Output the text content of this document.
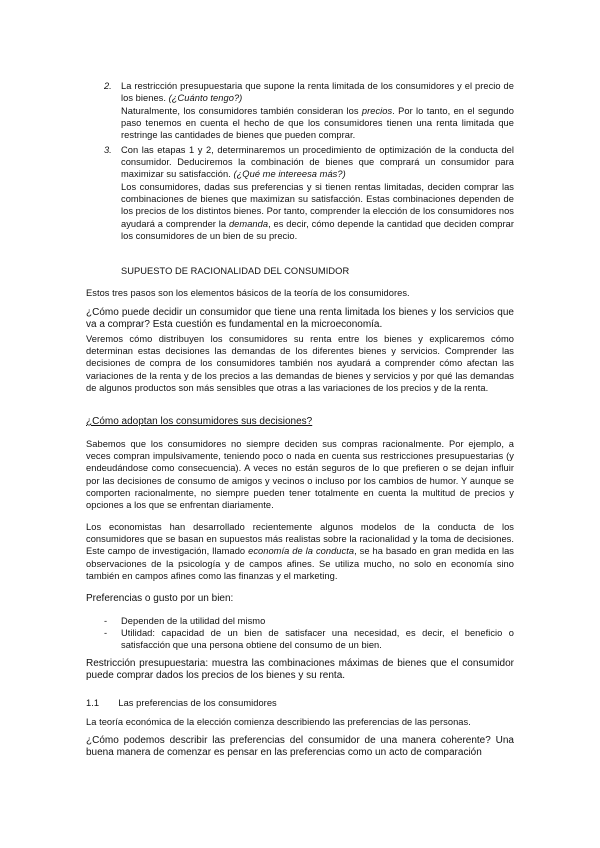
2. La restricción presupuestaria que supone la renta limitada de los consumidores y el precio de los bienes. (¿Cuánto tengo?)
Naturalmente, los consumidores también consideran los precios. Por lo tanto, en el segundo paso tenemos en cuenta el hecho de que los consumidores tienen una renta limitada que restringe las cantidades de bienes que pueden comprar.
3. Con las etapas 1 y 2, determinaremos un procedimiento de optimización de la conducta del consumidor. Deduciremos la combinación de bienes que comprará un consumidor para maximizar su satisfacción. (¿Qué me intereesa más?)
Los consumidores, dadas sus preferencias y si tienen rentas limitadas, deciden comprar las combinaciones de bienes que maximizan su satisfacción. Estas combinaciones dependen de los precios de los distintos bienes. Por tanto, comprender la elección de los consumidores nos ayudará a comprender la demanda, es decir, cómo depende la cantidad que deciden comprar los consumidores de un bien de su precio.
SUPUESTO DE RACIONALIDAD DEL CONSUMIDOR
Estos tres pasos son los elementos básicos de la teoría de los consumidores.
¿Cómo puede decidir un consumidor que tiene una renta limitada los bienes y los servicios que va a comprar? Esta cuestión es fundamental en la microeconomía.
Veremos cómo distribuyen los consumidores su renta entre los bienes y explicaremos cómo determinan estas decisiones las demandas de los diferentes bienes y servicios. Comprender las decisiones de compra de los consumidores también nos ayudará a comprender cómo afectan las variaciones de la renta y de los precios a las demandas de bienes y servicios y por qué las demandas de algunos productos son más sensibles que otras a las variaciones de los precios y de la renta.
¿Cómo adoptan los consumidores sus decisiones?
Sabemos que los consumidores no siempre deciden sus compras racionalmente. Por ejemplo, a veces compran impulsivamente, teniendo poco o nada en cuenta sus restricciones presupuestarias (y endeudándose como consecuencia). A veces no están seguros de lo que prefieren o se dejan influir por las decisiones de consumo de amigos y vecinos o incluso por los cambios de humor. Y aunque se comporten racionalmente, no siempre pueden tener totalmente en cuenta la multitud de precios y opciones a los que se enfrentan diariamente.
Los economistas han desarrollado recientemente algunos modelos de la conducta de los consumidores que se basan en supuestos más realistas sobre la racionalidad y la toma de decisiones. Este campo de investigación, llamado economía de la conducta, se ha basado en gran medida en las observaciones de la psicología y de campos afines. Se utiliza mucho, no solo en economía sino también en campos afines como las finanzas y el marketing.
Preferencias o gusto por un bien:
- Dependen de la utilidad del mismo
- Utilidad: capacidad de un bien de satisfacer una necesidad, es decir, el beneficio o satisfacción que una persona obtiene del consumo de un bien.
Restricción presupuestaria: muestra las combinaciones máximas de bienes que el consumidor puede comprar dados los precios de los bienes y su renta.
1.1 Las preferencias de los consumidores
La teoría económica de la elección comienza describiendo las preferencias de las personas.
¿Cómo podemos describir las preferencias del consumidor de una manera coherente? Una buena manera de comenzar es pensar en las preferencias como un acto de comparación
